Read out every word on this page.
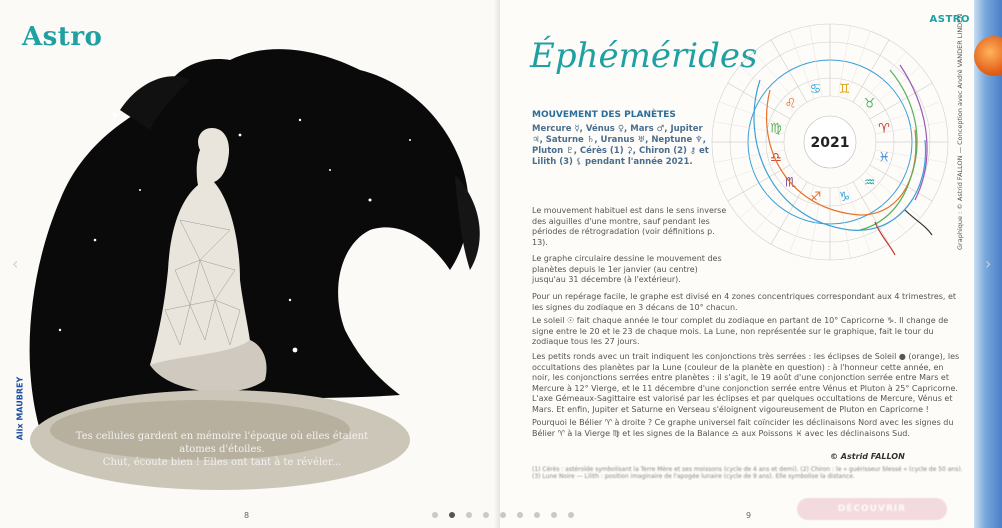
Astro
Alix MAUBREY	Tes cellules gardent en mémoire l'époque où elles étaient atomes d'étoiles.
Chut, écoute bien ! Elles ont tant à te révéler...
8
‹
ASTRO
Éphémérides
MOUVEMENT DES PLANÈTES
Mercure ☿, Vénus ♀, Mars ♂, Jupiter ♃, Saturne ♄, Uranus ♅, Neptune ♆, Pluton ♇, Cérès (1) ⚳, Chiron (2) ⚷ et Lilith (3) ⚸ pendant l'année 2021.
Le mouvement habituel est dans le sens inverse des aiguilles d'une montre, sauf pendant les périodes de rétrogradation (voir définitions p. 13).
Le graphe circulaire dessine le mouvement des planètes depuis le 1er janvier (au centre) jusqu'au 31 décembre (à l'extérieur).
Pour un repérage facile, le graphe est divisé en 4 zones concentriques correspondant aux 4 trimestres, et les signes du zodiaque en 3 décans de 10° chacun.
Le soleil ☉ fait chaque année le tour complet du zodiaque en partant de 10° Capricorne ♑. Il change de signe entre le 20 et le 23 de chaque mois. La Lune, non représentée sur le graphique, fait le tour du zodiaque tous les 27 jours.
Les petits ronds avec un trait indiquent les conjonctions très serrées : les éclipses de Soleil ● (orange), les occultations des planètes par la Lune (couleur de la planète en question) : à l'honneur cette année, en noir, les conjonctions serrées entre planètes : il s'agit, le 19 août d'une conjonction serrée entre Mars et Mercure à 12° Vierge, et le 11 décembre d'une conjonction serrée entre Vénus et Pluton à 25° Capricorne. L'axe Gémeaux-Sagittaire est valorisé par les éclipses et par quelques occultations de Mercure, Vénus et Mars. Et enfin, Jupiter et Saturne en Verseau s'éloignent vigoureusement de Pluton en Capricorne !
Pourquoi le Bélier ♈ à droite ? Ce graphe universel fait coïncider les déclinaisons Nord avec les signes du Bélier ♈ à la Vierge ♍ et les signes de la Balance ♎ aux Poissons ♓ avec les déclinaisons Sud.
© Astrid FALLON
(1) Cérès : astéroïde symbolisant la Terre Mère et ses moissons (cycle de 4 ans et demi). (2) Chiron : le « guérisseur blessé » (cycle de 50 ans). (3) Lune Noire — Lilith : position imaginaire de l'apogée lunaire (cycle de 9 ans). Elle symbolise la distance.
♈
♉
♊
♋
♌
♍
♎
♏
♐ ♑
♒
♓
2021	Graphique : © Astrid FALLON — Conception avec André VANDER LINDEN
9
›
DÉCOUVRIR
